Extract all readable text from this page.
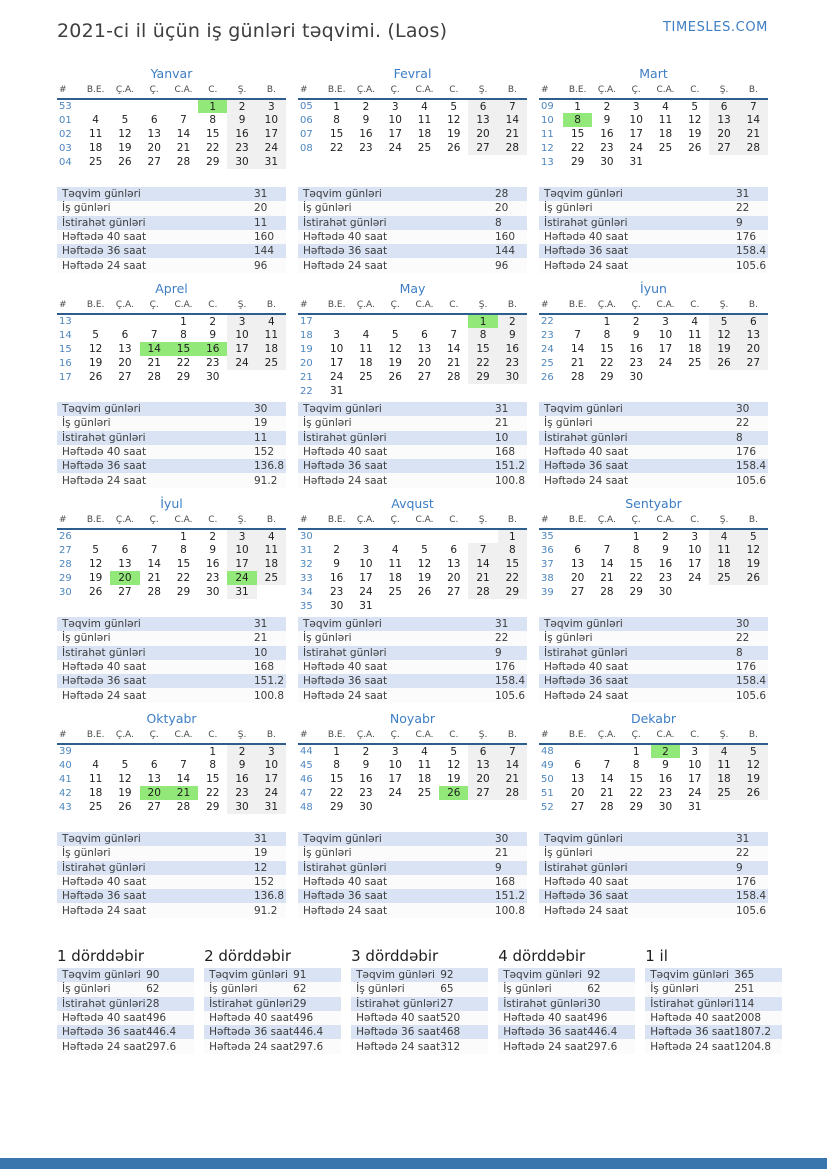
2021-ci il üçün iş günləri təqvimi. (Laos)	TIMESLES.COM
Yanvar
#	B.E.	Ç.A.	Ç.	C.A.	C.	Ş.	B.
53					1	2	3
01	4	5	6	7	8	9	10
02	11	12	13	14	15	16	17
03	18	19	20	21	22	23	24
04	25	26	27	28	29	30	31
Təqvim günləri	31
İş günləri	20
İstirahət günləri	11
Həftədə 40 saat	160
Həftədə 36 saat	144
Həftədə 24 saat	96
Fevral
#	B.E.	Ç.A.	Ç.	C.A.	C.	Ş.	B.
05	1	2	3	4	5	6	7
06	8	9	10	11	12	13	14
07	15	16	17	18	19	20	21
08	22	23	24	25	26	27	28
Təqvim günləri	28
İş günləri	20
İstirahət günləri	8
Həftədə 40 saat	160
Həftədə 36 saat	144
Həftədə 24 saat	96
Mart
#	B.E.	Ç.A.	Ç.	C.A.	C.	Ş.	B.
09	1	2	3	4	5	6	7
10	8	9	10	11	12	13	14
11	15	16	17	18	19	20	21
12	22	23	24	25	26	27	28
13	29	30	31				
Təqvim günləri	31
İş günləri	22
İstirahət günləri	9
Həftədə 40 saat	176
Həftədə 36 saat	158.4
Həftədə 24 saat	105.6
Aprel
#	B.E.	Ç.A.	Ç.	C.A.	C.	Ş.	B.
13				1	2	3	4
14	5	6	7	8	9	10	11
15	12	13	14	15	16	17	18
16	19	20	21	22	23	24	25
17	26	27	28	29	30		
Təqvim günləri	30
İş günləri	19
İstirahət günləri	11
Həftədə 40 saat	152
Həftədə 36 saat	136.8
Həftədə 24 saat	91.2
May
#	B.E.	Ç.A.	Ç.	C.A.	C.	Ş.	B.
17						1	2
18	3	4	5	6	7	8	9
19	10	11	12	13	14	15	16
20	17	18	19	20	21	22	23
21	24	25	26	27	28	29	30
22	31						
Təqvim günləri	31
İş günləri	21
İstirahət günləri	10
Həftədə 40 saat	168
Həftədə 36 saat	151.2
Həftədə 24 saat	100.8
İyun
#	B.E.	Ç.A.	Ç.	C.A.	C.	Ş.	B.
22		1	2	3	4	5	6
23	7	8	9	10	11	12	13
24	14	15	16	17	18	19	20
25	21	22	23	24	25	26	27
26	28	29	30				
Təqvim günləri	30
İş günləri	22
İstirahət günləri	8
Həftədə 40 saat	176
Həftədə 36 saat	158.4
Həftədə 24 saat	105.6
İyul
#	B.E.	Ç.A.	Ç.	C.A.	C.	Ş.	B.
26				1	2	3	4
27	5	6	7	8	9	10	11
28	12	13	14	15	16	17	18
29	19	20	21	22	23	24	25
30	26	27	28	29	30	31	
Təqvim günləri	31
İş günləri	21
İstirahət günləri	10
Həftədə 40 saat	168
Həftədə 36 saat	151.2
Həftədə 24 saat	100.8
Avqust
#	B.E.	Ç.A.	Ç.	C.A.	C.	Ş.	B.
30							1
31	2	3	4	5	6	7	8
32	9	10	11	12	13	14	15
33	16	17	18	19	20	21	22
34	23	24	25	26	27	28	29
35	30	31					
Təqvim günləri	31
İş günləri	22
İstirahət günləri	9
Həftədə 40 saat	176
Həftədə 36 saat	158.4
Həftədə 24 saat	105.6
Sentyabr
#	B.E.	Ç.A.	Ç.	C.A.	C.	Ş.	B.
35			1	2	3	4	5
36	6	7	8	9	10	11	12
37	13	14	15	16	17	18	19
38	20	21	22	23	24	25	26
39	27	28	29	30			
Təqvim günləri	30
İş günləri	22
İstirahət günləri	8
Həftədə 40 saat	176
Həftədə 36 saat	158.4
Həftədə 24 saat	105.6
Oktyabr
#	B.E.	Ç.A.	Ç.	C.A.	C.	Ş.	B.
39					1	2	3
40	4	5	6	7	8	9	10
41	11	12	13	14	15	16	17
42	18	19	20	21	22	23	24
43	25	26	27	28	29	30	31
Təqvim günləri	31
İş günləri	19
İstirahət günləri	12
Həftədə 40 saat	152
Həftədə 36 saat	136.8
Həftədə 24 saat	91.2
Noyabr
#	B.E.	Ç.A.	Ç.	C.A.	C.	Ş.	B.
44	1	2	3	4	5	6	7
45	8	9	10	11	12	13	14
46	15	16	17	18	19	20	21
47	22	23	24	25	26	27	28
48	29	30					
Təqvim günləri	30
İş günləri	21
İstirahət günləri	9
Həftədə 40 saat	168
Həftədə 36 saat	151.2
Həftədə 24 saat	100.8
Dekabr
#	B.E.	Ç.A.	Ç.	C.A.	C.	Ş.	B.
48			1	2	3	4	5
49	6	7	8	9	10	11	12
50	13	14	15	16	17	18	19
51	20	21	22	23	24	25	26
52	27	28	29	30	31		
Təqvim günləri	31
İş günləri	22
İstirahət günləri	9
Həftədə 40 saat	176
Həftədə 36 saat	158.4
Həftədə 24 saat	105.6
1 dörddəbir
Təqvim günləri 90
İş günləri	62
İstirahət günləri 28
Həftədə 40 saat 496
Həftədə 36 saat 446.4
Həftədə 24 saat 297.6
2 dörddəbir
Təqvim günləri 91
İş günləri	62
İstirahət günləri 29
Həftədə 40 saat 496
Həftədə 36 saat 446.4
Həftədə 24 saat 297.6
3 dörddəbir
Təqvim günləri 92
İş günləri	65
İstirahət günləri 27
Həftədə 40 saat 520
Həftədə 36 saat 468
Həftədə 24 saat 312
4 dörddəbir
Təqvim günləri 92
İş günləri	62
İstirahət günləri 30
Həftədə 40 saat 496
Həftədə 36 saat 446.4
Həftədə 24 saat 297.6
1 il
Təqvim günləri 365
İş günləri	251
İstirahət günləri 114
Həftədə 40 saat 2008
Həftədə 36 saat 1807.2
Həftədə 24 saat 1204.8
